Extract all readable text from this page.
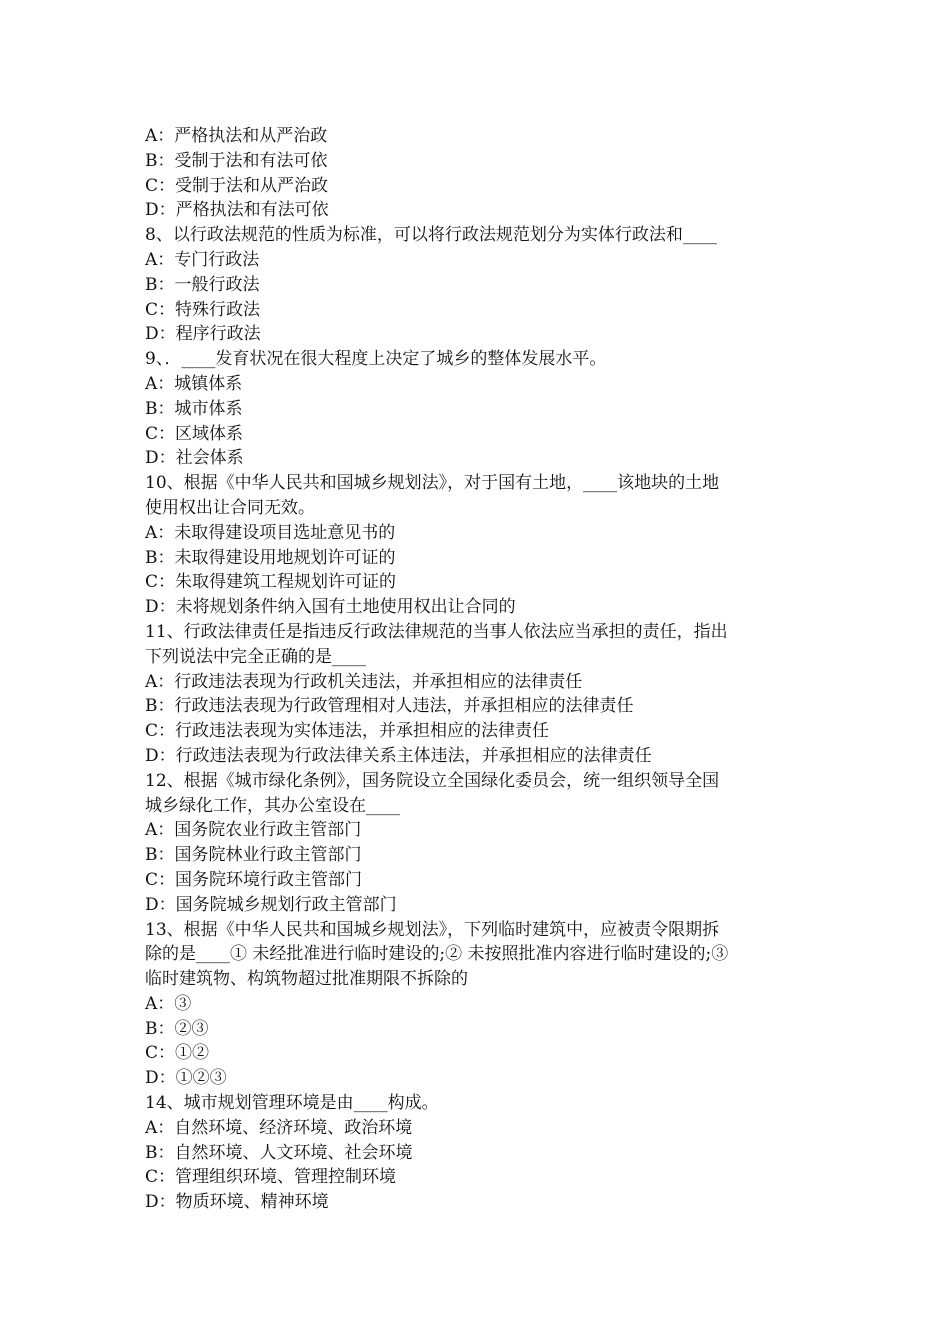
A：严格执法和从严治政

B：受制于法和有法可依

C：受制于法和从严治政

D：严格执法和有法可依

8、以行政法规范的性质为标准，可以将行政法规范划分为实体行政法和____

A：专门行政法

B：一般行政法

C：特殊行政法

D：程序行政法

9、．____发育状况在很大程度上决定了城乡的整体发展水平。

A：城镇体系

B：城市体系

C：区域体系

D：社会体系

10、根据《中华人民共和国城乡规划法》，对于国有土地，____该地块的土地

使用权出让合同无效。

A：未取得建设项目选址意见书的

B：未取得建设用地规划许可证的

C：朱取得建筑工程规划许可证的

D：未将规划条件纳入国有土地使用权出让合同的

11、行政法律责任是指违反行政法律规范的当事人依法应当承担的责任，指出

下列说法中完全正确的是____

A：行政违法表现为行政机关违法，并承担相应的法律责任

B：行政违法表现为行政管理相对人违法，并承担相应的法律责任

C：行政违法表现为实体违法，并承担相应的法律责任

D：行政违法表现为行政法律关系主体违法，并承担相应的法律责任

12、根据《城市绿化条例》，国务院设立全国绿化委员会，统一组织领导全国

城乡绿化工作，其办公室设在____

A：国务院农业行政主管部门

B：国务院林业行政主管部门

C：国务院环境行政主管部门

D：国务院城乡规划行政主管部门

13、根据《中华人民共和国城乡规划法》，下列临时建筑中，应被责令限期拆

除的是____① 未经批准进行临时建设的;② 未按照批准内容进行临时建设的;③

临时建筑物、构筑物超过批准期限不拆除的

A：③

B：②③

C：①②

D：①②③

14、城市规划管理环境是由____构成。

A：自然环境、经济环境、政治环境

B：自然环境、人文环境、社会环境

C：管理组织环境、管理控制环境

D：物质环境、精神环境
